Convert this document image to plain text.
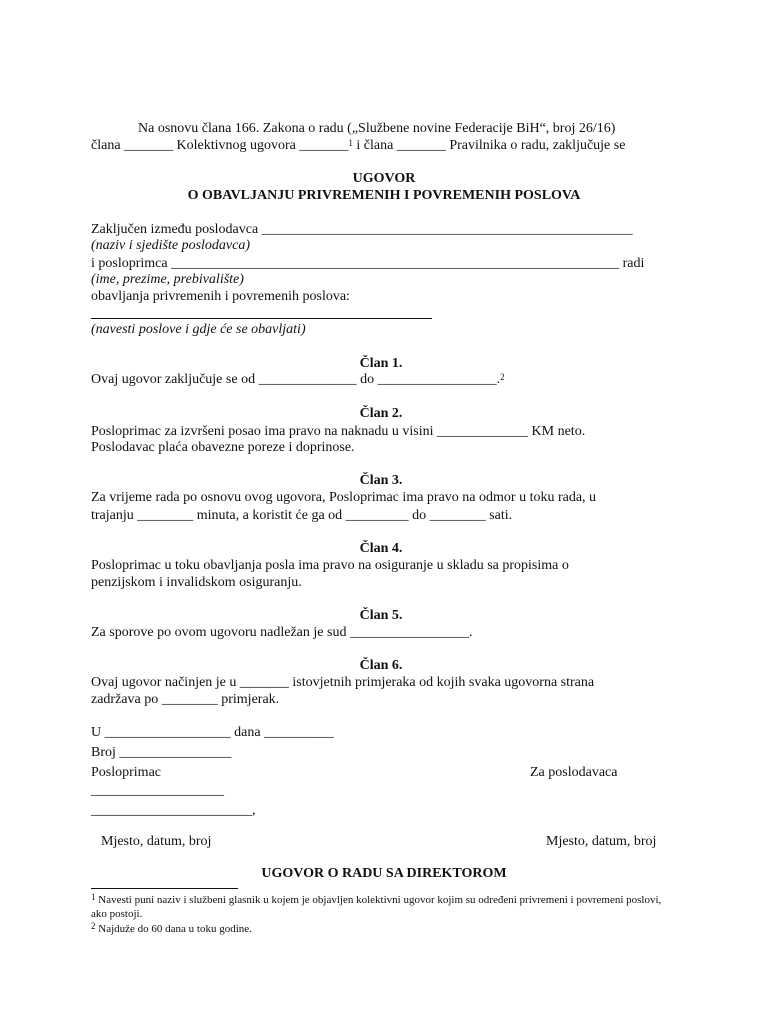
Na osnovu člana 166. Zakona o radu („Službene novine Federacije BiH“, broj 26/16)
člana _______ Kolektivnog ugovora _______$^1$ i člana _______ Pravilnika o radu, zaključuje se
UGOVOR
O OBAVLJANJU PRIVREMENIH I POVREMENIH POSLOVA
Zaključen između poslodavca _____________________________________________________
(naziv i sjedište poslodavca)
i posloprimca ________________________________________________________________ radi
(ime, prezime, prebivalište)
obavljanja privremenih i povremenih poslova:
(navesti poslove i gdje će se obavljati)
Član 1.
Ovaj ugovor zaključuje se od ______________ do _________________.$^2$
Član 2.
Posloprimac za izvršeni posao ima pravo na naknadu u visini _____________ KM neto.
Poslodavac plaća obavezne poreze i doprinose.
Član 3.
Za vrijeme rada po osnovu ovog ugovora, Posloprimac ima pravo na odmor u toku rada, u
trajanju ________ minuta, a koristit će ga od _________ do ________ sati.
Član 4.
Posloprimac u toku obavljanja posla ima pravo na osiguranje u skladu sa propisima o
penzijskom i invalidskom osiguranju.
Član 5.
Za sporove po ovom ugovoru nadležan je sud _________________.
Član 6.
Ovaj ugovor načinjen je u _______ istovjetnih primjeraka od kojih svaka ugovorna strana
zadržava po ________ primjerak.
U __________________ dana __________
Broj ________________
Posloprimac	Za poslodavaca
___________________
_______________________,
Mjesto, datum, broj	Mjesto, datum, broj
UGOVOR O RADU SA DIREKTOROM
$^1$ Navesti puni naziv i službeni glasnik u kojem je objavljen kolektivni ugovor kojim su određeni privremeni i povremeni poslovi, ako postoji.
$^2$ Najduže do 60 dana u toku godine.
